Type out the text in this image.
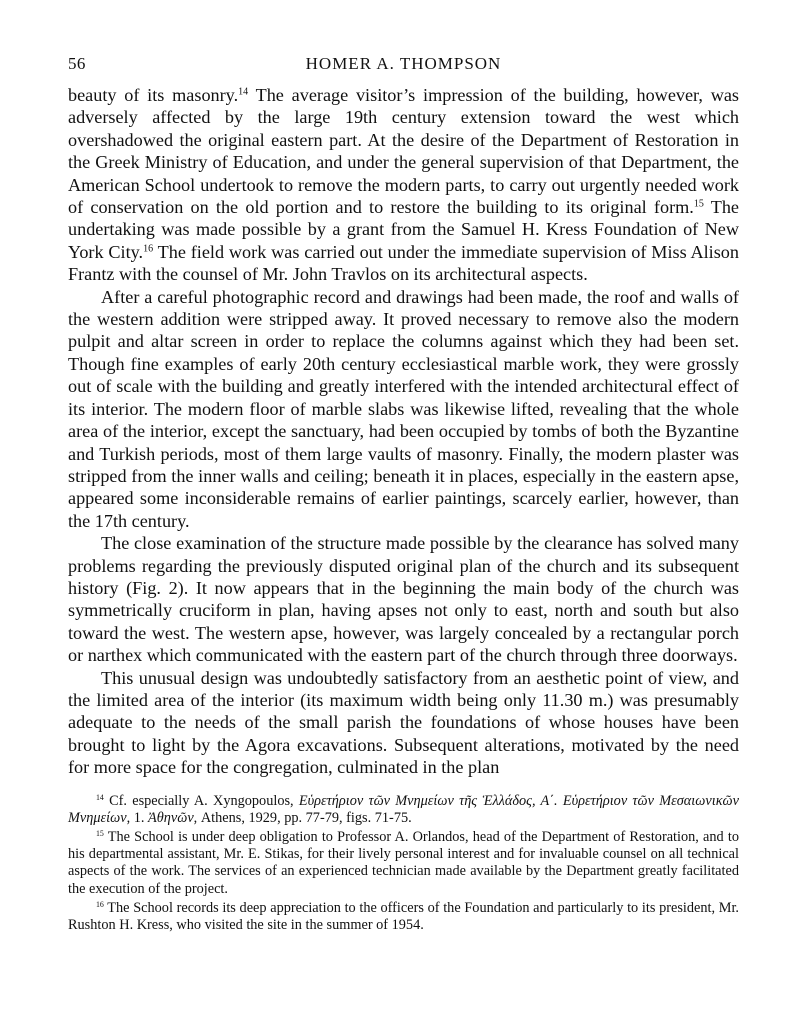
56	HOMER A. THOMPSON

beauty of its masonry.$^{14}$ The average visitor’s impression of the building, however, was adversely affected by the large 19th century extension toward the west which overshadowed the original eastern part. At the desire of the Department of Restoration in the Greek Ministry of Education, and under the general supervision of that Department, the American School undertook to remove the modern parts, to carry out urgently needed work of conservation on the old portion and to restore the building to its original form.$^{15}$ The undertaking was made possible by a grant from the Samuel H. Kress Foundation of New York City.$^{16}$ The field work was carried out under the immediate supervision of Miss Alison Frantz with the counsel of Mr. John Travlos on its architectural aspects.

After a careful photographic record and drawings had been made, the roof and walls of the western addition were stripped away. It proved necessary to remove also the modern pulpit and altar screen in order to replace the columns against which they had been set. Though fine examples of early 20th century ecclesiastical marble work, they were grossly out of scale with the building and greatly interfered with the intended architectural effect of its interior. The modern floor of marble slabs was likewise lifted, revealing that the whole area of the interior, except the sanctuary, had been occupied by tombs of both the Byzantine and Turkish periods, most of them large vaults of masonry. Finally, the modern plaster was stripped from the inner walls and ceiling; beneath it in places, especially in the eastern apse, appeared some inconsiderable remains of earlier paintings, scarcely earlier, however, than the 17th century.

The close examination of the structure made possible by the clearance has solved many problems regarding the previously disputed original plan of the church and its subsequent history (Fig. 2). It now appears that in the beginning the main body of the church was symmetrically cruciform in plan, having apses not only to east, north and south but also toward the west. The western apse, however, was largely concealed by a rectangular porch or narthex which communicated with the eastern part of the church through three doorways.

This unusual design was undoubtedly satisfactory from an aesthetic point of view, and the limited area of the interior (its maximum width being only 11.30 m.) was presumably adequate to the needs of the small parish the foundations of whose houses have been brought to light by the Agora excavations. Subsequent alterations, motivated by the need for more space for the congregation, culminated in the plan

$^{14}$ Cf. especially A. Xyngopoulos, Εὑρετήριον τῶν Μνημείων τῆς Ἑλλάδος, Α΄. Εὑρετήριον τῶν Μεσαιωνικῶν Μνημείων, 1. Ἀθηνῶν, Athens, 1929, pp. 77-79, figs. 71-75.

$^{15}$ The School is under deep obligation to Professor A. Orlandos, head of the Department of Restoration, and to his departmental assistant, Mr. E. Stikas, for their lively personal interest and for invaluable counsel on all technical aspects of the work. The services of an experienced technician made available by the Department greatly facilitated the execution of the project.

$^{16}$ The School records its deep appreciation to the officers of the Foundation and particularly to its president, Mr. Rushton H. Kress, who visited the site in the summer of 1954.
